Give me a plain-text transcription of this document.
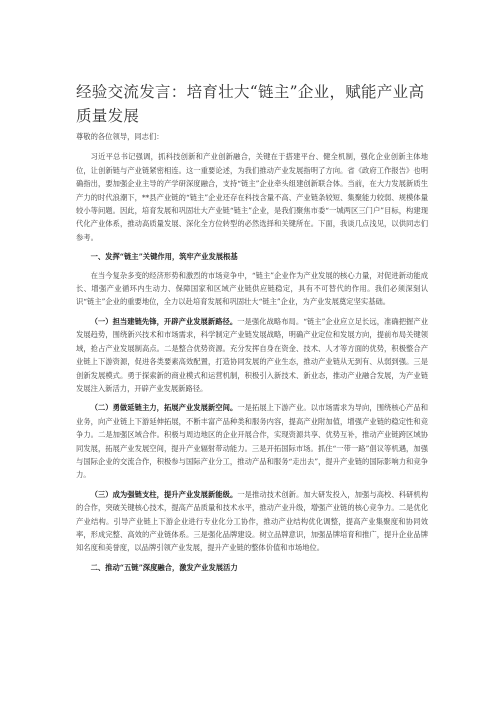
经验交流发言：培育壮大“链主”企业，赋能产业高质量发展

尊敬的各位领导，同志们：

习近平总书记强调，抓科技创新和产业创新融合，关键在于搭建平台、健全机制，强化企业创新主体地位，让创新链与产业链紧密相连。这一重要论述，为我们推动产业发展指明了方向。省《政府工作报告》也明确指出，要加强企业主导的产学研深度融合，支持“链主”企业牵头组建创新联合体。当前，在大力发展新质生产力的时代浪潮下，**县产业链的“链主”企业还存在科技含量不高、产业链条较短、集聚能力较弱、规模体量较小等问题。因此，培育发展和巩固壮大产业链“链主”企业，是我们聚焦市委“一城两区三门户”目标，构建现代化产业体系，推动高质量发展、深化全方位转型的必然选择和关键所在。下面，我谈几点浅见，以供同志们参考。

一、发挥“链主”关键作用，筑牢产业发展根基

在当今复杂多变的经济形势和激烈的市场竞争中，“链主”企业作为产业发展的核心力量，对促进新动能成长、增强产业循环内生动力、保障国家和区域产业链供应链稳定，具有不可替代的作用。我们必须深刻认识“链主”企业的重要地位，全力以赴培育发展和巩固壮大“链主”企业，为产业发展奠定坚实基础。

（一）担当建链先锋，开辟产业发展新路径。一是强化战略布局。“链主”企业应立足长远，准确把握产业发展趋势，围绕新兴技术和市场需求，科学制定产业链发展战略，明确产业定位和发展方向，提前布局关键领域，抢占产业发展制高点。二是整合优势资源。充分发挥自身在资金、技术、人才等方面的优势，积极整合产业链上下游资源，促进各类要素高效配置，打造协同发展的产业生态，推动产业链从无到有、从弱到强。三是创新发展模式。勇于探索新的商业模式和运营机制，积极引入新技术、新业态，推动产业融合发展，为产业链发展注入新活力，开辟产业发展新路径。

（二）勇做延链主力，拓展产业发展新空间。一是拓展上下游产业。以市场需求为导向，围绕核心产品和业务，向产业链上下游延伸拓展，不断丰富产品种类和服务内容，提高产业附加值，增强产业链的稳定性和竞争力。二是加强区域合作。积极与周边地区的企业开展合作，实现资源共享、优势互补，推动产业链跨区域协同发展，拓展产业发展空间，提升产业辐射带动能力。三是开拓国际市场。抓住“一带一路”倡议等机遇，加强与国际企业的交流合作，积极参与国际产业分工，推动产品和服务“走出去”，提升产业链的国际影响力和竞争力。

（三）成为强链支柱，提升产业发展新能级。一是推动技术创新。加大研发投入，加强与高校、科研机构的合作，突破关键核心技术，提高产品质量和技术水平，推动产业升级，增强产业链的核心竞争力。二是优化产业结构。引导产业链上下游企业进行专业化分工协作，推动产业结构优化调整，提高产业集聚度和协同效率，形成完整、高效的产业链体系。三是强化品牌建设。树立品牌意识，加强品牌培育和推广，提升企业品牌知名度和美誉度，以品牌引领产业发展，提升产业链的整体价值和市场地位。

二、推动“五链”深度融合，激发产业发展活力
